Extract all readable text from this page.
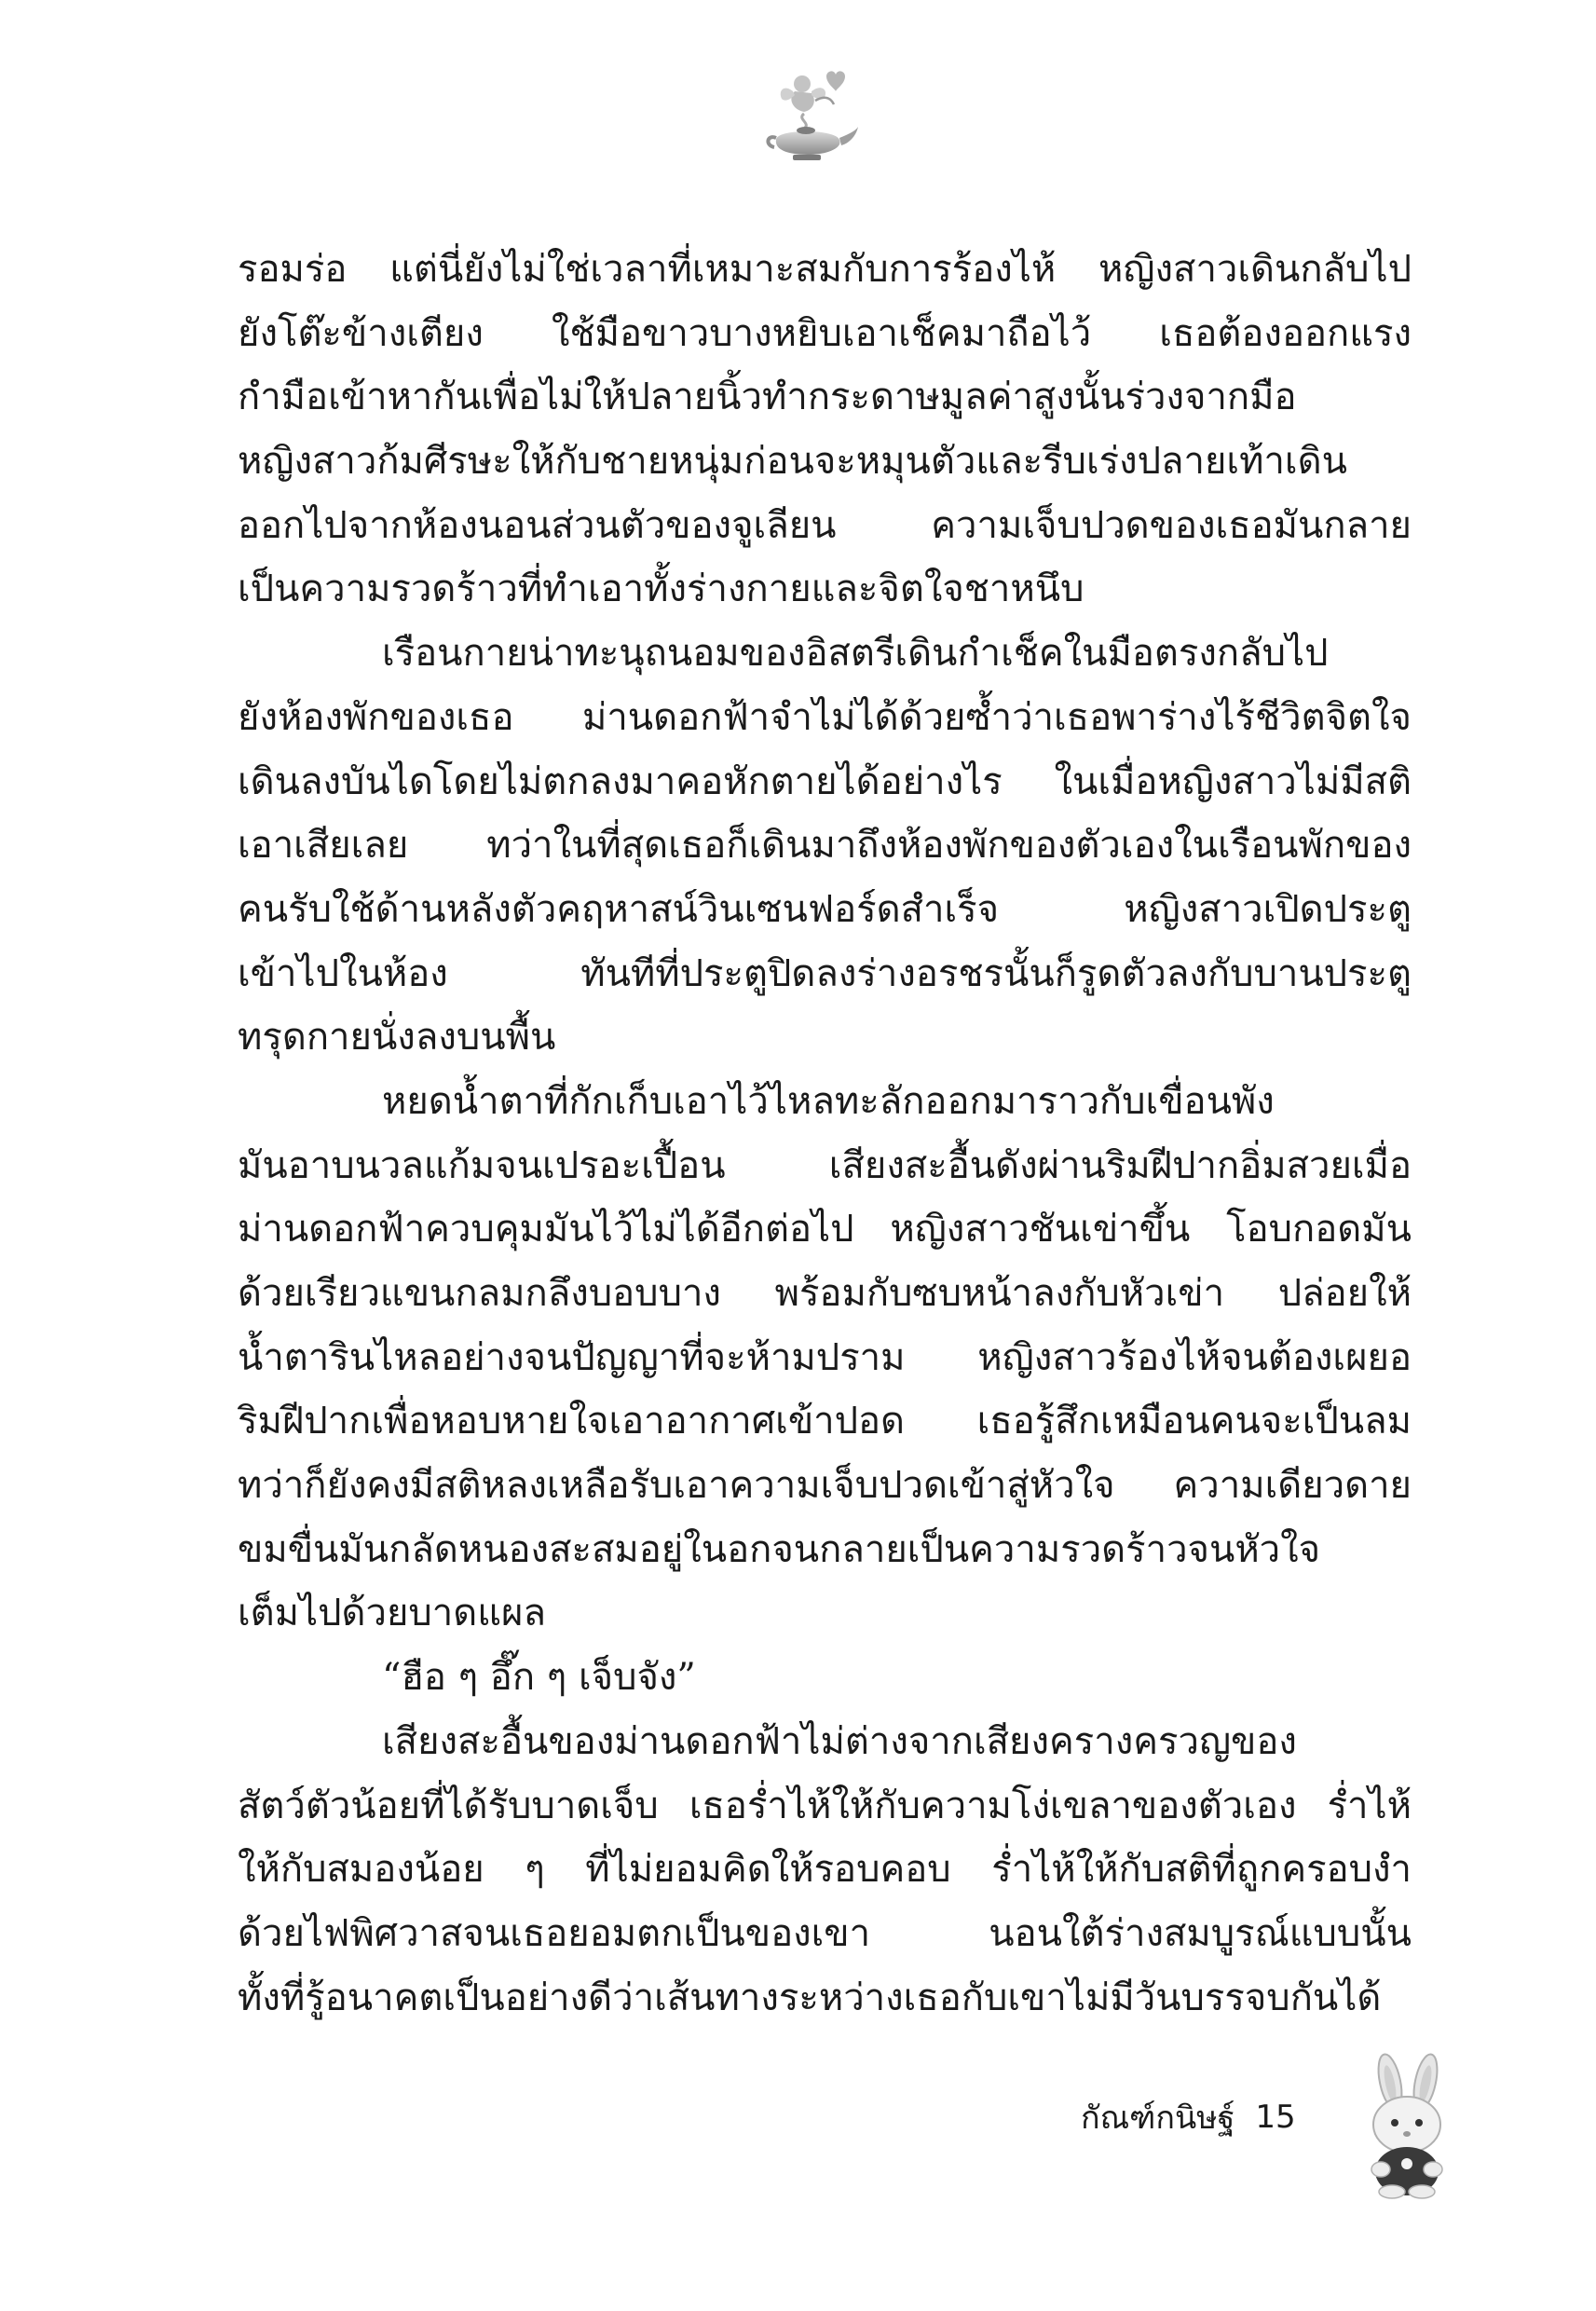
รอมร่อ แต่นี่ยังไม่ใช่เวลาที่เหมาะสมกับการร้องไห้ หญิงสาวเดินกลับไป
ยังโต๊ะข้างเตียง ใช้มือขาวบางหยิบเอาเช็คมาถือไว้ เธอต้องออกแรง
กำมือเข้าหากันเพื่อไม่ให้ปลายนิ้วทำกระดาษมูลค่าสูงนั้นร่วงจากมือ
หญิงสาวก้มศีรษะให้กับชายหนุ่มก่อนจะหมุนตัวและรีบเร่งปลายเท้าเดิน
ออกไปจากห้องนอนส่วนตัวของจูเลียน ความเจ็บปวดของเธอมันกลาย
เป็นความรวดร้าวที่ทำเอาทั้งร่างกายและจิตใจชาหนึบ
เรือนกายน่าทะนุถนอมของอิสตรีเดินกำเช็คในมือตรงกลับไป
ยังห้องพักของเธอ ม่านดอกฟ้าจำไม่ได้ด้วยซ้ำว่าเธอพาร่างไร้ชีวิตจิตใจ
เดินลงบันไดโดยไม่ตกลงมาคอหักตายได้อย่างไร ในเมื่อหญิงสาวไม่มีสติ
เอาเสียเลย ทว่าในที่สุดเธอก็เดินมาถึงห้องพักของตัวเองในเรือนพักของ
คนรับใช้ด้านหลังตัวคฤหาสน์วินเซนฟอร์ดสำเร็จ หญิงสาวเปิดประตู
เข้าไปในห้อง ทันทีที่ประตูปิดลงร่างอรชรนั้นก็รูดตัวลงกับบานประตู
ทรุดกายนั่งลงบนพื้น
หยดน้ำตาที่กักเก็บเอาไว้ไหลทะลักออกมาราวกับเขื่อนพัง
มันอาบนวลแก้มจนเปรอะเปื้อน เสียงสะอื้นดังผ่านริมฝีปากอิ่มสวยเมื่อ
ม่านดอกฟ้าควบคุมมันไว้ไม่ได้อีกต่อไป หญิงสาวชันเข่าขึ้น โอบกอดมัน
ด้วยเรียวแขนกลมกลึงบอบบาง พร้อมกับซบหน้าลงกับหัวเข่า ปล่อยให้
น้ำตารินไหลอย่างจนปัญญาที่จะห้ามปราม หญิงสาวร้องไห้จนต้องเผยอ
ริมฝีปากเพื่อหอบหายใจเอาอากาศเข้าปอด เธอรู้สึกเหมือนคนจะเป็นลม
ทว่าก็ยังคงมีสติหลงเหลือรับเอาความเจ็บปวดเข้าสู่หัวใจ ความเดียวดาย
ขมขื่นมันกลัดหนองสะสมอยู่ในอกจนกลายเป็นความรวดร้าวจนหัวใจ
เต็มไปด้วยบาดแผล
“ฮือ ๆ อึ๊ก ๆ เจ็บจัง”
เสียงสะอื้นของม่านดอกฟ้าไม่ต่างจากเสียงครางครวญของ
สัตว์ตัวน้อยที่ได้รับบาดเจ็บ เธอร่ำไห้ให้กับความโง่เขลาของตัวเอง ร่ำไห้
ให้กับสมองน้อย ๆ ที่ไม่ยอมคิดให้รอบคอบ ร่ำไห้ให้กับสติที่ถูกครอบงำ
ด้วยไฟพิศวาสจนเธอยอมตกเป็นของเขา นอนใต้ร่างสมบูรณ์แบบนั้น
ทั้งที่รู้อนาคตเป็นอย่างดีว่าเส้นทางระหว่างเธอกับเขาไม่มีวันบรรจบกันได้
กัณฑ์กนิษฐ์ 15
